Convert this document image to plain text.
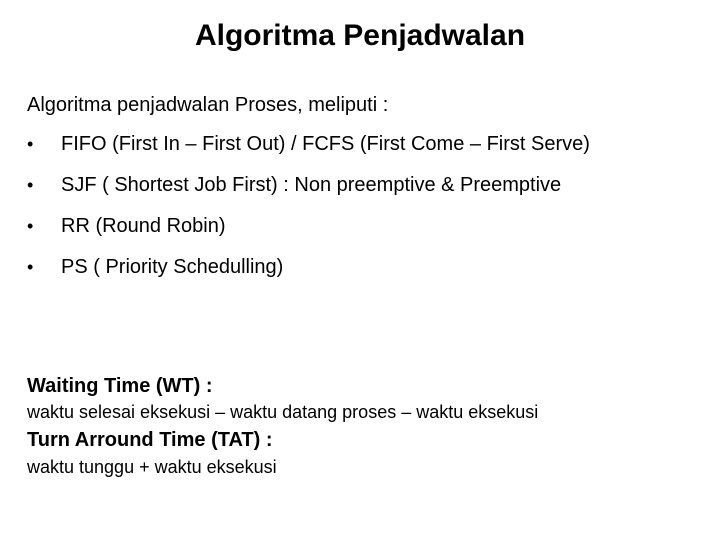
Algoritma Penjadwalan

Algoritma penjadwalan Proses, meliputi :

•	FIFO (First In – First Out) / FCFS (First Come – First Serve)
•	SJF ( Shortest Job First) : Non preemptive & Preemptive
•	RR (Round Robin)
•	PS ( Priority Schedulling)
Waiting Time (WT) :
waktu selesai eksekusi – waktu datang proses – waktu eksekusi
Turn Arround Time (TAT) :
waktu tunggu + waktu eksekusi
